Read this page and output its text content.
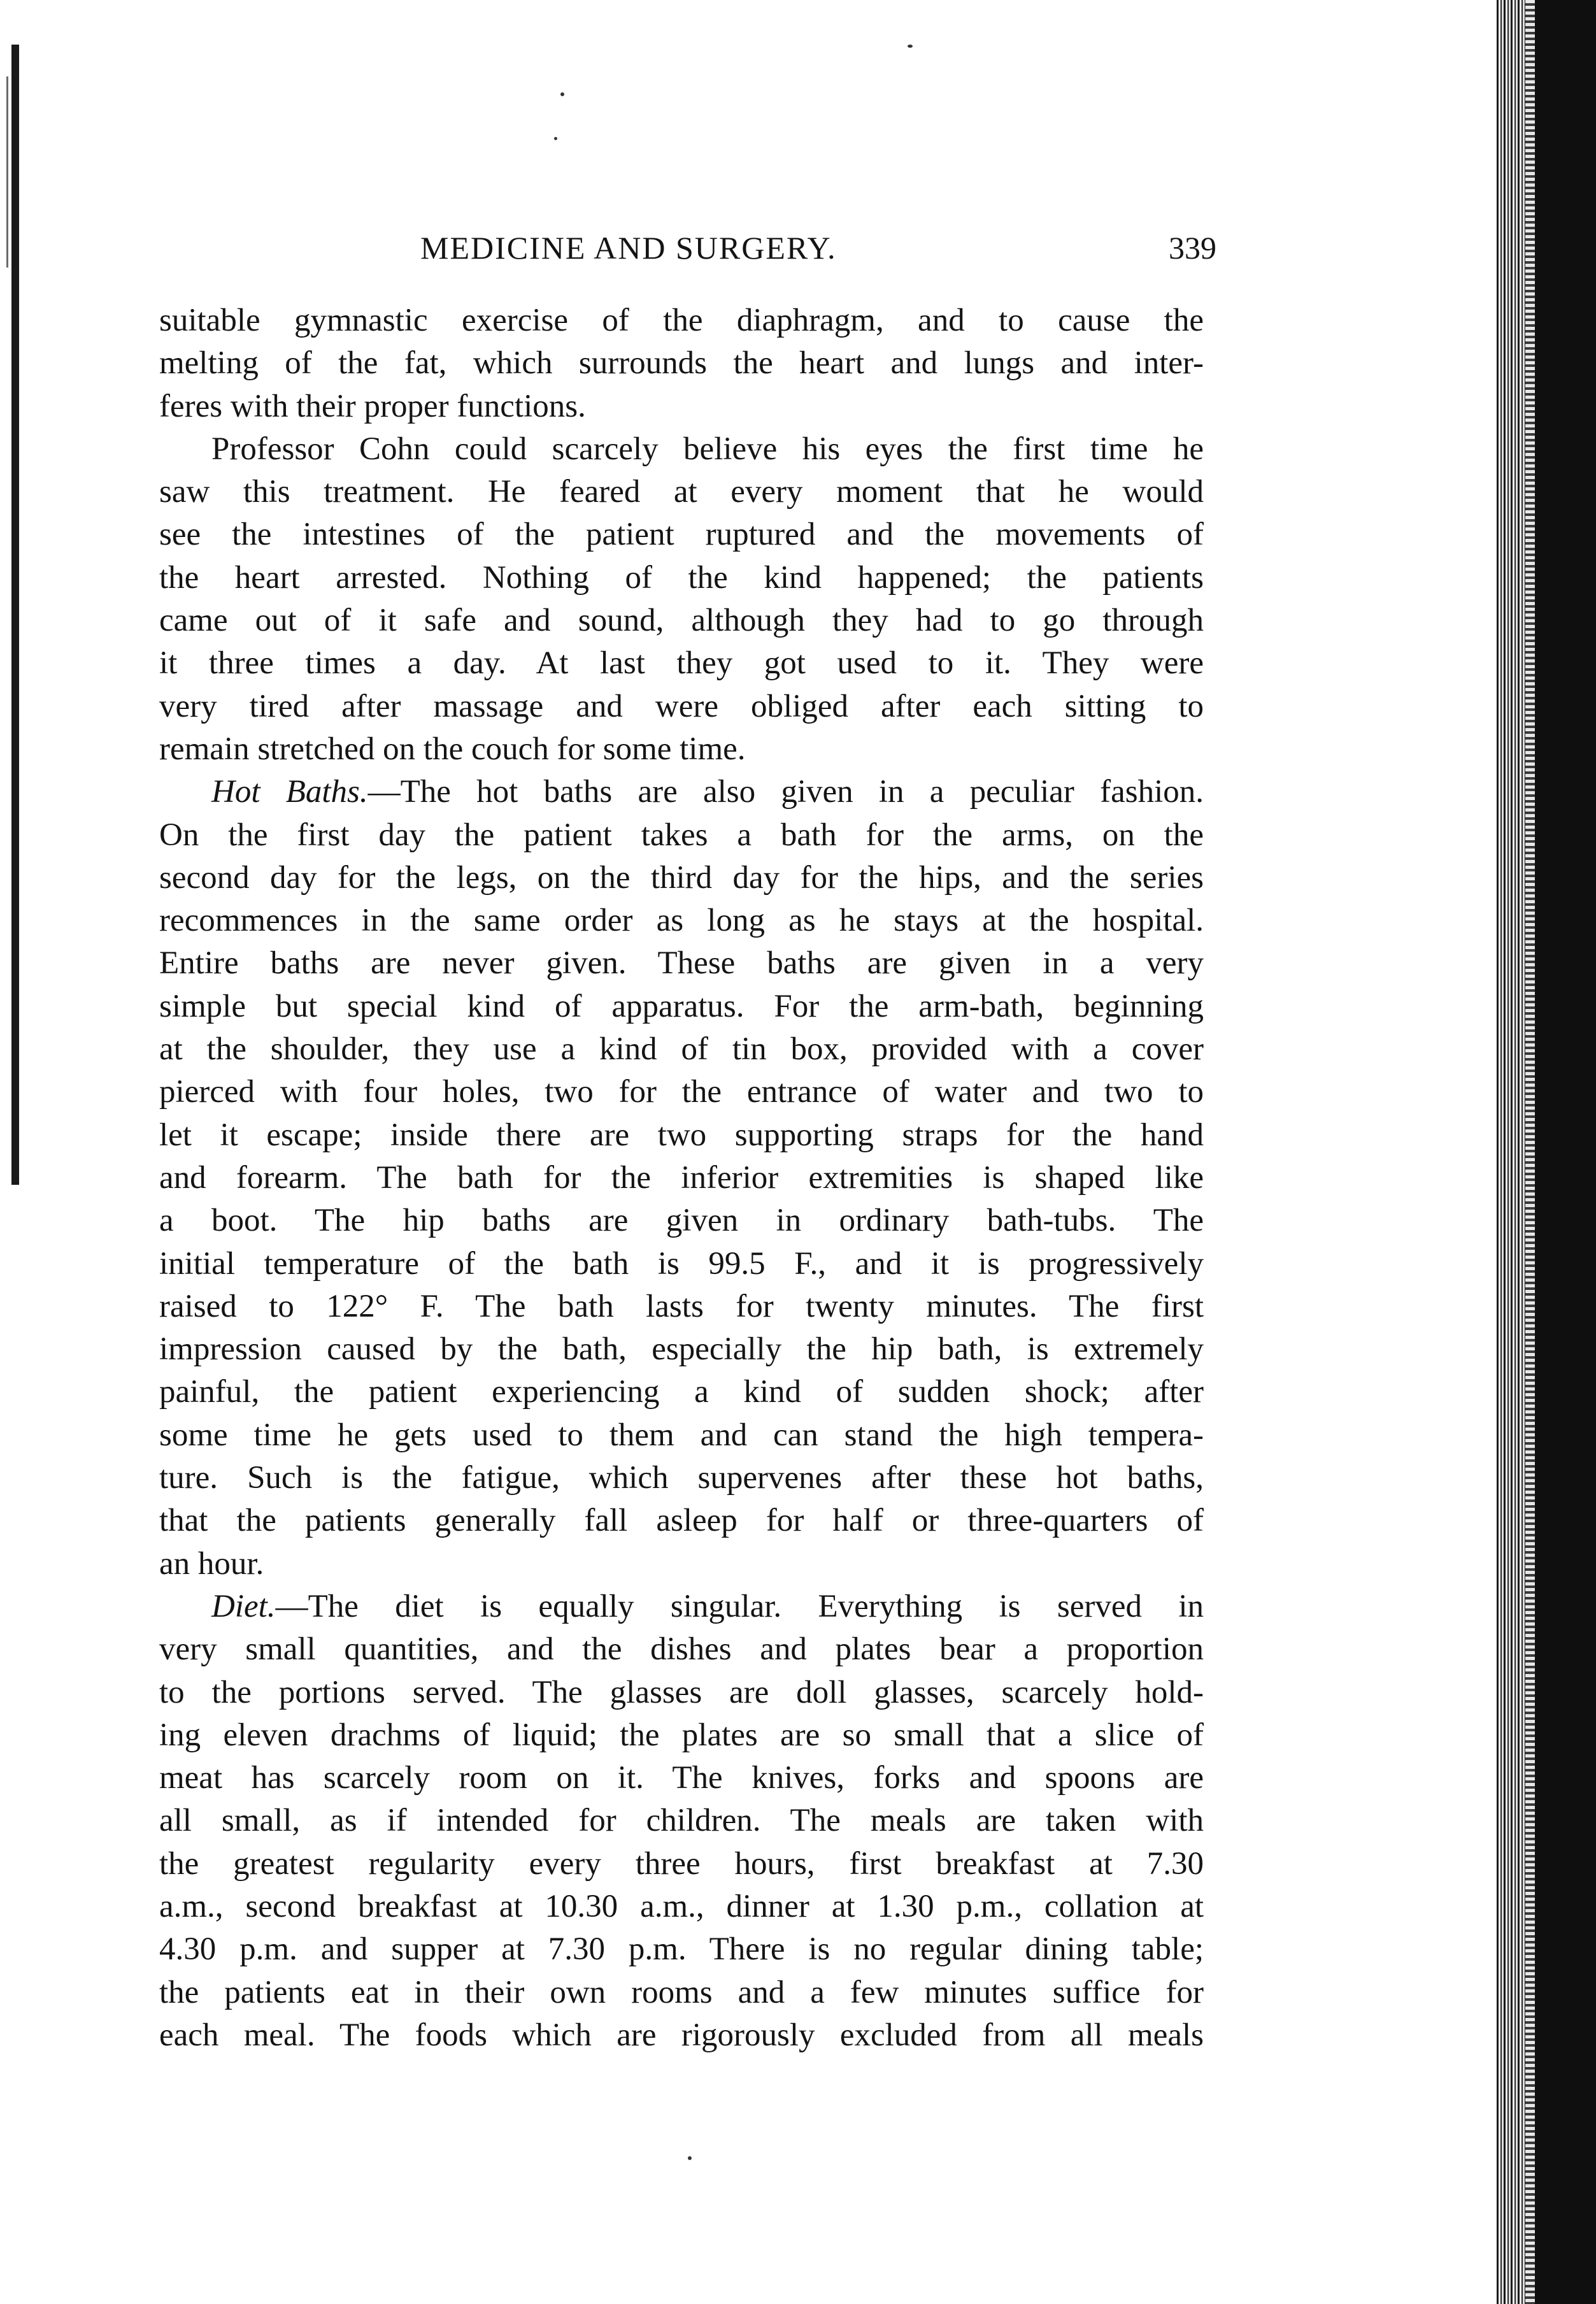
MEDICINE AND SURGERY.	339
suitable gymnastic exercise of the diaphragm, and to cause the
melting of the fat, which surrounds the heart and lungs and inter-
feres with their proper functions.
Professor Cohn could scarcely believe his eyes the first time he
saw this treatment. He feared at every moment that he would
see the intestines of the patient ruptured and the movements of
the heart arrested. Nothing of the kind happened; the patients
came out of it safe and sound, although they had to go through
it three times a day. At last they got used to it. They were
very tired after massage and were obliged after each sitting to
remain stretched on the couch for some time.
Hot Baths.—The hot baths are also given in a peculiar fashion.
On the first day the patient takes a bath for the arms, on the
second day for the legs, on the third day for the hips, and the series
recommences in the same order as long as he stays at the hospital.
Entire baths are never given. These baths are given in a very
simple but special kind of apparatus. For the arm-bath, beginning
at the shoulder, they use a kind of tin box, provided with a cover
pierced with four holes, two for the entrance of water and two to
let it escape; inside there are two supporting straps for the hand
and forearm. The bath for the inferior extremities is shaped like
a boot. The hip baths are given in ordinary bath-tubs. The
initial temperature of the bath is 99.5 F., and it is progressively
raised to 122° F. The bath lasts for twenty minutes. The first
impression caused by the bath, especially the hip bath, is extremely
painful, the patient experiencing a kind of sudden shock; after
some time he gets used to them and can stand the high tempera-
ture. Such is the fatigue, which supervenes after these hot baths,
that the patients generally fall asleep for half or three-quarters of
an hour.
Diet.—The diet is equally singular. Everything is served in
very small quantities, and the dishes and plates bear a proportion
to the portions served. The glasses are doll glasses, scarcely hold-
ing eleven drachms of liquid; the plates are so small that a slice of
meat has scarcely room on it. The knives, forks and spoons are
all small, as if intended for children. The meals are taken with
the greatest regularity every three hours, first breakfast at 7.30
a.m., second breakfast at 10.30 a.m., dinner at 1.30 p.m., collation at
4.30 p.m. and supper at 7.30 p.m. There is no regular dining table;
the patients eat in their own rooms and a few minutes suffice for
each meal. The foods which are rigorously excluded from all meals
